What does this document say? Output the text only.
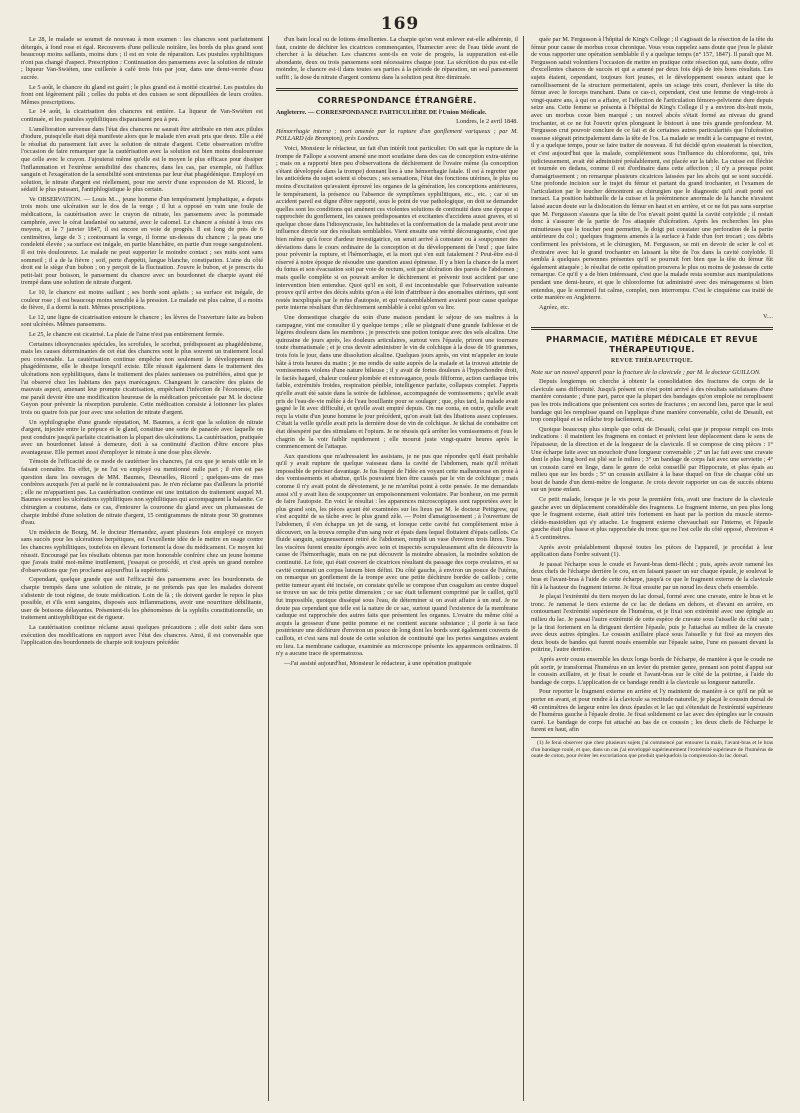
169

Le 28, le malade se soumet de nouveau à mon examen : les chancres sont parfaitement détergés, à fond rose et égal. Recouverts d'une pellicule noirâtre, les bords du plus grand sont beaucoup moins saillants, moins durs ; il est en voie de réparation. Les pustules syphilitiques n'ont pas changé d'aspect. Prescription : Continuation des pansemens avec la solution de nitrate ; liqueur Van-Swiéten, une cuillerée à café trois fois par jour, dans une demi-verrée d'eau sucrée.

Le 5 août, le chancre du gland est guéri ; le plus grand est à moitié cicatrisé. Les pustules du front ont légèrement pâli ; celles du pubis et des cuisses se sont dépouillées de leurs croûtes. Mêmes prescriptions.

Le 14 août, la cicatrisation des chancres est entière. La liqueur de Van-Swiéten est continuée, et les pustules syphilitiques disparaissent peu à peu.

L'amélioration survenue dans l'état des chancres ne saurait être attribuée en rien aux pilules d'iodure, puisqu'elle était déjà manifeste alors que le malade n'en avait pris que deux. Elle a été le résultat du pansement fait avec la solution de nitrate d'argent. Cette observation m'offre l'occasion de faire remarquer que la cautérisation avec la solution est bien moins douloureuse que celle avec le crayon. J'ajouterai même qu'elle est le moyen le plus efficace pour dissiper l'inflammation et l'extrême sensibilité des chancres, dans les cas, par exemple, où l'afflux sanguin et l'exagération de la sensibilité sont entretenus par leur état phagédénique. Employé en solution, le nitrate d'argent est réellement, pour me servir d'une expression de M. Ricord, le sédatif le plus puissant, l'antiphlogistique le plus certain.

Ve OBSERVATION. — Louis M..., jeune homme d'un tempérament lymphatique, a depuis trois mois une ulcération sur le dos de la verge ; il lui a opposé en vain une foule de médications, la cautérisation avec le crayon de nitrate, les pansemens avec la pommade camphrée, avec le cérat laudanisé ou saturné, avec le calomel. Le chancre a résisté à tous ces moyens, et le 7 janvier 1847, il est encore en voie de progrès. Il est long de près de 6 centimètres, large de 3 ; contournant la verge, il forme un-dessus du chancre ; la peau une rondeleté élevée ; sa surface est inégale, en partie blanchâtre, en partie d'un rouge sanguinolent. Il est très douloureux. Le malade ne peut supporter le moindre contact ; ses nuits sont sans sommeil ; il a de la fièvre ; soif, perte d'appétit, langue blanche, constipation. L'aine du côté droit est le siège d'un bubon ; on y perçoit de la fluctuation. J'ouvre le bubon, et je prescris du petit-lait pour boisson, le pansement du chancre avec un bourdonnet de charpie ayant été trempé dans une solution de nitrate d'argent.

Le 10, le chancre est moins saillant ; ses bords sont aplatis ; sa surface est inégale, de couleur rose ; il est beaucoup moins sensible à la pression. Le malade est plus calme, il a moins de fièvre, il a dormi la nuit. Mêmes prescriptions.

Le 12, une ligne de cicatrisation entoure le chancre ; les lèvres de l'ouverture faite au bubon sont ulcérées. Mêmes pansemens.

Le 25, le chancre est cicatrisé. La plaie de l'aine n'est pas entièrement fermée.

Certaines idiosyncrasies spéciales, les scrofules, le scorbut, prédisposent au phagédénisme, mais les causes déterminantes de cet état des chancres sont le plus souvent un traitement local peu convenable. La cautérisation continue empêche non seulement le développement du phagédénisme, elle le dissipe lorsqu'il existe. Elle réussit également dans le traitement des ulcérations non syphilitiques, dans le traitement des plaies sanieuses ou putréfiées, ainsi que je l'ai observé chez les habitans des pays marécageux. Changeant le caractère des plaies de mauvais aspect, amenant leur prompte cicatrisation, empêchant l'infection de l'économie, elle me paraît devoir être une modification heureuse de la médication préconisée par M. le docteur Guyon pour prévenir la résorption purulente. Cette médication consiste à lotionner les plaies trois ou quatre fois par jour avec une solution de nitrate d'argent.

Un syphilographe d'une grande réputation, M. Baumes, a écrit que la solution de nitrate d'argent, injectée entre le prépuce et le gland, constitue une sorte de panacée avec laquelle on peut conduire jusqu'à parfaite cicatrisation la plupart des ulcérations. La cautérisation, pratiquée avec un bourdonnet laissé à demeure, doit à sa continuité d'action d'être encore plus avantageuse. Elle permet aussi d'employer le nitrate à une dose plus élevée.

Témoin de l'efficacité de ce mode de cautériser les chancres, j'ai cru que je serais utile en le faisant connaître. En effet, je ne l'ai vu employé ou mentionné nulle part ; il n'en est pas question dans les ouvrages de MM. Baumes, Desruelles, Ricord ; quelques-uns de mes confrères auxquels j'en ai parlé ne le connaissaient pas. Je n'en réclame pas d'ailleurs la priorité ; elle ne m'appartient pas. La cautérisation continue est une imitation du traitement auquel M. Baumes soumet les ulcérations syphilitiques non syphilitiques qui accompagnent la balanite. Ce chirurgien a coutume, dans ce cas, d'entourer la couronne du gland avec un plumasseau de charpie imbibé d'une solution de nitrate d'argent, 15 centigrammes de nitrate pour 30 grammes d'eau.

Un médecin de Bourg, M. le docteur Hernandez, ayant plusieurs fois employé ce moyen sans succès pour les ulcérations herpétiques, est l'excellente idée de le mettre en usage contre les chancres syphilitiques, toutefois en élevant fortement la dose du médicament. Ce moyen lui réussit. Encouragé par les résultats obtenus par mon honorable confrère chez un jeune homme que j'avais traité moi-même inutilement, j'essayai ce procédé, et c'est après un grand nombre d'observations que j'en proclame aujourd'hui la supériorité.

Cependant, quelque grande que soit l'efficacité des pansemens avec les bourdonnets de charpie trempés dans une solution de nitrate, je ne prétends pas que les malades doivent s'abstenir de tout régime, de toute médication. Loin de là ; ils doivent garder le repos le plus possible, et s'ils sont sanguins, disposés aux inflammations, avoir une nourriture débilitante, user de boissons délayantes. Présentent-ils les phénomènes de la syphilis constitutionnelle, un traitement antisyphilitique est de rigueur.

La cautérisation continue réclame aussi quelques précautions ; elle doit subir dans son exécution des modifications en rapport avec l'état des chancres. Ainsi, il est convenable que l'application des bourdonnets de charpie soit toujours précédée

d'un bain local ou de lotions émollientes. La charpie qu'on veut enlever est-elle adhérente, il faut, crainte de déchirer les cicatrices commençantes, l'humecter avec de l'eau tiède avant de chercher à la détacher. Les chancres sont-ils en voie de progrès, la suppuration est-elle abondante, deux ou trois pansemens sont nécessaires chaque jour. La sécrétion du pus est-elle moindre, le chancre est-il dans toutes ses parties à la période de réparation, un seul pansement suffit ; la dose du nitrate d'argent contenu dans la solution peut être diminuée.

CORRESPONDANCE ÉTRANGÈRE.

Angleterre. — CORRESPONDANCE PARTICULIÈRE DE l'Union Médicale.

Londres, le 2 avril 1848.

Hémorrhagie interne ; mort amenée par la rupture d'un gonflement variqueux ; par M. POLLARD (de Brompton), près Londres.

Voici, Monsieur le rédacteur, un fait d'un intérêt tout particulier. On sait que la rupture de la trompe de Fallope a souvent amené une mort soudaine dans des cas de conception extra-utérine ; mais on a rapporté bien peu d'observations de déchirement de l'ovaire même (la conception s'étant développée dans la trompe) donnant lieu à une hémorrhagie fatale. Il est à regretter que les anticédens du sujet soient si obscurs ; ses sensations, l'état des fonctions utérines, le plus ou moins d'excitation qu'avaient éprouvé les organes de la génération, les conceptions antérieures, le tempérament, la présence ou l'absence de symptômes syphilitiques, etc., etc. ; car si un accident pareil est digne d'être rapporté, sous le point de vue pathologique, on doit se demander quelles sont les conditions qui amènent ces violentes solutions de continuité dans une époque si rapprochée du gonflement, les causes prédisposantes et excitantes d'accidens aussi graves, et si quelque chose dans l'idiosyncrasie, les habitudes et la conformation de la malade peut avoir une influence directe sur des résultats semblables. Vient ensuite une vérité décourageante, c'est que bien même qu'à force d'ardeur investigatrice, on serait arrivé à constater ou à soupçonner des déviations dans le cours ordinaire de la conception et du développement de l'œuf ; que faire pour prévenir la rupture, et l'hémorrhagie, et la mort qui s'en suit fatalement ? Peut-être est-il réservé à notre époque de résoudre une question aussi épineuse. Il y a bien la chance de la mort du fœtus et son évacuation soit par voie de rectum, soit par ulcération des parois de l'abdomen ; mais quelle complète si on pouvait arrêter le déchirement et prévenir tout accident par une intervention bien entendue. Quoi qu'il en soit, il est incontestable que l'observation suivante prouve qu'il arrive des décès subits qu'on a été loin d'attribuer à des anomalies utérines, qui sont restés inexpliqués par le refus d'autopsie, et qui vraisemblablement avaient pour cause quelque perte interne résultant d'un déchirement semblable à celui qu'on va lire.

Une domestique chargée du soin d'une maison pendant le séjour de ses maîtres à la campagne, vint me consulter il y quelque temps ; elle se plaignait d'une grande faiblesse et de légères douleurs dans les membres ; je prescrivis une potion tonique avec des sels alcalins. Une quinzaine de jours après, les douleurs articulaires, surtout vers l'épaule, prirent une tournure toute rhumatismale ; et je crus devoir administrer le vin de colchique à la dose de 10 grammes, trois fois le jour, dans une dissolution alcaline. Quelques jours après, on vint m'appeler en toute hâte à trois heures du matin ; je me rendis de suite auprès de la malade et la trouvai atteinte de vomissemens violens d'une nature bilieuse ; il y avait de fortes douleurs à l'hypochondre droit, le faciès hagard, chaleur couleur plombée et extravagance, pouls filiforme, action cardiaque très faible, extrémités froides, respiration pénible, intelligence parfaite, collapsus complet. J'appris qu'elle avait été saisie dans la soirée de faiblesse, accompagnée de vomissemens ; qu'elle avait pris de l'eau-de-vie mêlée à de l'eau bouillante pour se soulager ; que, plus tard, la malade avait gagné le lit avec difficulté, et qu'elle avait empiré depuis. On me conta, en outre, qu'elle avait reçu la visite d'un jeune homme le jour précédent, qu'on avait fait des libations assez copieuses. C'était la veille qu'elle avait pris la dernière dose de vin de colchique. Je tâchai de combattre cet état désespéré par des stimulans et l'opium. Je ne réussis qu'à arrêter les vomissemens et j'eus le chagrin de la voir faiblir rapidement ; elle mourut juste vingt-quatre heures après le commencement de l'attaque.

Aux questions que m'adressaient les assistans, je ne pus que répondre qu'il était probable qu'il y avait rupture de quelque vaisseau dans la cavité de l'abdomen, mais qu'il m'était impossible de préciser davantage. Je fus frappé de l'idée en voyant cette malheureuse en proie à des vomissements et abattue, qu'ils pouvaient bien être causés par le vin de colchique ; mais comme il n'y avait point de dévoiement, je ne m'arrêtai point à cette pensée. Je me demandais aussi s'il y avait lieu de soupçonner un empoisonnement volontaire. Par bonheur, on me permit de faire l'autopsie. En voici le résultat : les apparences microscopiques sont rapportées avec le plus grand soin, les pièces ayant été examinées sur les lieux par M. le docteur Pettigrew, qui s'est acquitté de sa tâche avec le plus grand zèle. — Point d'amaigrissement ; à l'ouverture de l'abdomen, il s'en échappa un jet de sang, et lorsque cette cavité fut complètement mise à découvert, on la trouva remplie d'un sang noir et épais dans lequel flottaient d'épais caillots. Ce fluide sanguin, soigneusement retiré de l'abdomen, remplit un vase d'environ trois litres. Tous les viscères furent ensuite épongés avec soin et inspectés scrupuleusement afin de découvrir la cause de l'hémorrhagie, mais on ne put découvrir la moindre abrasion, la moindre solution de continuité. Le foie, qui était couvert de cicatrices résultant du passage des corps ovulaires, et sa cavité contenait un corpus luteum bien défini. Du côté gauche, à environ un pouce de l'utérus, on remarque un gonflement de la trompe avec une petite déchirure bordée de caillots ; cette petite tumeur ayant été incisée, on constate qu'elle se compose d'un coagulum au centre duquel se trouve un sac de très petite dimension ; ce sac était tellement comprimé par le caillot, qu'il fut impossible, quoique disséqué sous l'eau, de déterminer si on avait affaire à un œuf. Je ne doute pas cependant que telle est la nature de ce sac, surtout quand l'existence de la membrane caduque est rapprochée des autres faits que présentent les organes. L'ovaire du même côté a acquis la grosseur d'une petite pomme et ne contient aucune substance ; il porte à sa face postérieure une déchirure d'environ un pouce de long dont les bords sont également couverts de caillots, et c'est sans nul doute de cette solution de continuité que les pertes sanguines avaient eu lieu. La membrane caduque, examinée au microscope présente les apparences ordinaires. Il n'y a aucune trace de spermatozoa.

—J'ai assisté aujourd'hui, Monsieur le rédacteur, à une opération pratiquée

quée par M. Fergusson à l'hôpital de King's College ; il s'agissait de la résection de la tête du fémur pour cause de morbus coxæ chronique. Vous vous rappelez sans doute que j'eus le plaisir de vous rapporter une opération semblable il y a quelque temps (n° 157, 1847). Il paraît que M. Fergusson saisit volontiers l'occasion de mettre en pratique cette résection qui, sans doute, offre d'excellentes chances de succès et qui a amené par deux fois déjà de très bons résultats. Les sujets étaient, cependant, toujours fort jeunes, et le développement osseux autant que le ramollissement de la structure permettaient, après un sciage très court, d'enlever la tête du fémur avec le forceps tranchant. Dans ce cas-ci, cependant, c'est une femme de vingt-trois à vingt-quatre ans, à qui on a affaire, et l'affection de l'articulation fémoro-pelvienne dure depuis seize ans. Cette femme se présenta à l'hôpital de King's College il y a environ dix-huit mois, avec un morbus coxæ bien marqué ; un nouvel abcès s'était formé au niveau du grand trochanter, et ce ne fut l'ouvrir qu'en plongeant le bistouri à une très grande profondeur. M. Fergusson crut pouvoir conclure de ce fait et de certaines autres particularités que l'ulcération osseuse siégeait principalement dans la tête de l'os. La malade se rendit à la campagne et revint, il y a quelque temps, pour se faire traiter de nouveau. Il fut décidé qu'on essaierait la résection, et c'est aujourd'hui que la malade, complètement sous l'influence du chloroforme, qui, très judicieusement, avait été administré préalablement, est placée sur la table. La cuisse est fléchie et tournée en dedans, comme il est d'ordinaire dans cette affection ; il n'y a presque point d'amaigrissement ; on remarque plusieurs cicatrices laissées par les abcès qui se sont succédé. Une profonde incision sur le trajet du fémur et partant du grand trochanter, et l'examen de l'articulation par le toucher démontrent au chirurgien que le diagnostic qu'il avait porté est inexact. La position habituelle de la cuisse et la prééminence anormale de la hanche n'avaient laissé aucun doute sur la dislocation du fémur en haut et en arrière, et ce ne fut pas sans surprise que M. Fergusson s'assura que la tête de l'os n'avait point quitté la cavité cotyloïde ; il restait donc à s'assurer de la partie de l'os attaquée d'ulcération. Après les recherches les plus minutieuses que le toucher peut permettre, le doigt put constater une perforation de la partie antérieure du col ; quelques fragmens amenés à la surface à l'aide d'un fort trocart ; ces débris confirment les prévisions, et le chirurgien, M. Fergusson, se mit en devoir de scier le col et d'extraire avec lui le grand trochanter en laissant la tête de l'os dans la cavité cotyloïde. Il sembla à quelques personnes présentes qu'il se pourrait fort bien que la tête du fémur fût également attaquée ; le résultat de cette opération prouvera le plus ou moins de justesse de cette remarque. Ce qu'il y a de bien intéressant, c'est que la malade resta soumise aux manipulations pendant une demi-heure, et que le chloroforme fut administré avec des ménagemens si bien entendus, que le sommeil fut calme, complet, non interrompu. C'est le cinquième cas traité de cette manière en Angleterre.

Agréez, etc.

V....
PHARMACIE, MATIÈRE MÉDICALE ET REVUE THÉRAPEUTIQUE.
REVUE THÉRAPEUTIQUE.

Note sur un nouvel appareil pour la fracture de la clavicule ; par M. le docteur GUILLON.

Depuis longtemps on cherche à obtenir la consolidation des fractures du corps de la clavicule sans difformité. Jusqu'à présent on n'est point arrivé à des résultats satisfaisans d'une manière constante ; d'une part, parce que la plupart des bandages qu'on emploie ne remplissent pas les trois indications que présentent ces sortes de fractures ; en second lieu, parce que le seul bandage qui les remplisse quand on l'applique d'une manière convenable, celui de Desault, est trop compliqué et se relâche trop facilement, etc.

Quoique beaucoup plus simple que celui de Desault, celui que je propose rempli ces trois indications : il maintient les fragmens en contact et prévient leur déplacement dans le sens de l'épaisseur, de la direction et de la longueur de la clavicule. Il se compose de cinq pièces : 1° Une écharpe faite avec un mouchoir d'une longueur convenable ; 2° un lac fait avec une cravate dont le plus long bord est plié sur le milieu ; 3° un bandage de corps fait avec une serviette ; 4° un coussin carré en linge, dans le genre de celui conseillé par Hippocrate, et plus épais au milieu que sur les bords ; 5° un coussin axillaire à la base duquel on fixe de chaque côté un bout de bande d'un demi-mètre de longueur. Je crois devoir rapporter un cas de succès obtenu sur un jeune enfant.

Ce petit malade, lorsque je le vis pour la première fois, avait une fracture de la clavicule gauche avec un déplacement considérable des fragmens. Le fragment interne, un peu plus long que le fragment externe, était attiré très fortement en haut par la portion du muscle sterno-cléido-mastoïdien qui s'y attache. Le fragment externe chevauchait sur l'interne, et l'épaule gauche était plus basse et plus rapprochée du tronc que ne l'est celle du côté opposé, d'environ 4 à 5 centimètres.

Après avoir préalablement disposé toutes les pièces de l'appareil, je procédai à leur application dans l'ordre suivant (1).

Je passai l'écharpe sous le coude et l'avant-bras demi-fléchi ; puis, après avoir ramené les deux chefs de l'écharpe derrière le cou, en en faisant passer un sur chaque épaule, je soulevai le bras et l'avant-bras à l'aide de cette écharpe, jusqu'à ce que le fragment externe de la clavicule fût à la hauteur du fragment interne. Je fixai ensuite par un nœud les deux chefs ensemble.

Je plaçai l'extrémité du tiers moyen du lac dorsal, formé avec une cravate, entre le bras et le tronc. Je ramenai le tiers externe de ce lac de dedans en dehors, et d'avant en arrière, en contournant l'extrémité supérieure de l'humérus, et je fixai son extrémité avec une épingle au milieu du lac. Je passai l'autre extrémité de cette espèce de cravate sous l'aisselle du côté sain ; je la tirai fortement en la dirigeant derrière l'épaule, puis je l'attachai au milieu de la cravate avec deux autres épingles. Le coussin axillaire placé sous l'aisselle y fut fixé au moyen des deux bouts de bandes qui furent noués ensemble sur l'épaule saine, l'une en passant devant la poitrine, l'autre derrière.

Après avoir cousu ensemble les deux longs bords de l'écharpe, de manière à que le coude ne pût sortir, je transformai l'humérus en un levier du premier genre, prenant son point d'appui sur le coussin axillaire, et je fixai le coude et l'avant-bras sur le côté de la poitrine, à l'aide du bandage de corps. L'application de ce bandage rendit à la clavicule sa longueur naturelle.

Pour reporter le fragment externe en arrière et l'y maintenir de manière à ce qu'il ne pût se porter en avant, et pour rendre à la clavicule sa rectitude naturelle, je plaçai le coussin dorsal de 48 centimètres de largeur entre les deux épaules et le lac qui s'étendait de l'extrémité supérieure de l'humérus gauche à l'épaule droite. Je fixai solidement ce lac avec des épingles sur le coussin carré. Le bandage de corps fut attaché au bas de ce coussin ; les deux chefs de l'écharpe le furent en haut, afin

(1) Je ferai observer que chez plusieurs sujets j'ai commencé par entourer la main, l'avant-bras et le bras d'un bandage roulé, et que, dans un cas j'ai enveloppé supérieurement l'extrémité supérieure de l'humérus de ouate de coton, pour éviter les excoriations que produit quelquefois la compression du lac dorsal.
